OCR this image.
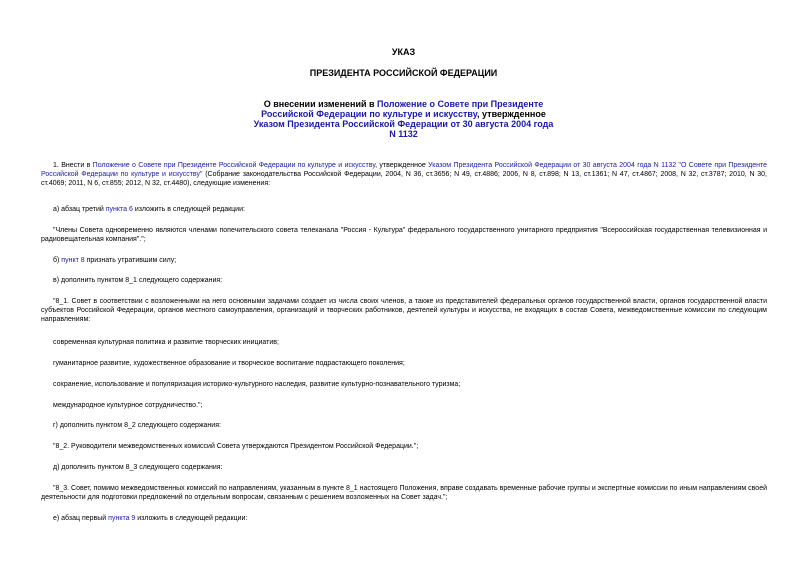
УКАЗ
ПРЕЗИДЕНТА РОССИЙСКОЙ ФЕДЕРАЦИИ
О внесении изменений в Положение о Совете при Президенте Российской Федерации по культуре и искусству, утвержденное Указом Президента Российской Федерации от 30 августа 2004 года N 1132
1. Внести в Положение о Совете при Президенте Российской Федерации по культуре и искусству, утвержденное Указом Президента Российской Федерации от 30 августа 2004 года N 1132 "О Совете при Президенте Российской Федерации по культуре и искусству" (Собрание законодательства Российской Федерации, 2004, N 36, ст.3656; N 49, ст.4886; 2006, N 8, ст.898; N 13, ст.1361; N 47, ст.4867; 2008, N 32, ст.3787; 2010, N 30, ст.4069; 2011, N 6, ст.855; 2012, N 32, ст.4480), следующие изменения:
а) абзац третий пункта 6 изложить в следующей редакции:
"Члены Совета одновременно являются членами попечительского совета телеканала "Россия - Культура" федерального государственного унитарного предприятия "Всероссийская государственная телевизионная и радиовещательная компания".";
б) пункт 8 признать утратившим силу;
в) дополнить пунктом 8_1 следующего содержания:
"8_1. Совет в соответствии с возложенными на него основными задачами создает из числа своих членов, а также из представителей федеральных органов государственной власти, органов государственной власти субъектов Российской Федерации, органов местного самоуправления, организаций и творческих работников, деятелей культуры и искусства, не входящих в состав Совета, межведомственные комиссии по следующим направлениям:
современная культурная политика и развитие творческих инициатив;
гуманитарное развитие, художественное образование и творческое воспитание подрастающего поколения;
сохранение, использование и популяризация историко-культурного наследия, развитие культурно-познавательного туризма;
международное культурное сотрудничество.";
г) дополнить пунктом 8_2 следующего содержания:
"8_2. Руководители межведомственных комиссий Совета утверждаются Президентом Российской Федерации.";
д) дополнить пунктом 8_3 следующего содержания:
"8_3. Совет, помимо межведомственных комиссий по направлениям, указанным в пункте 8_1 настоящего Положения, вправе создавать временные рабочие группы и экспертные комиссии по иным направлениям своей деятельности для подготовки предложений по отдельным вопросам, связанным с решением возложенных на Совет задач.";
е) абзац первый пункта 9 изложить в следующей редакции:
